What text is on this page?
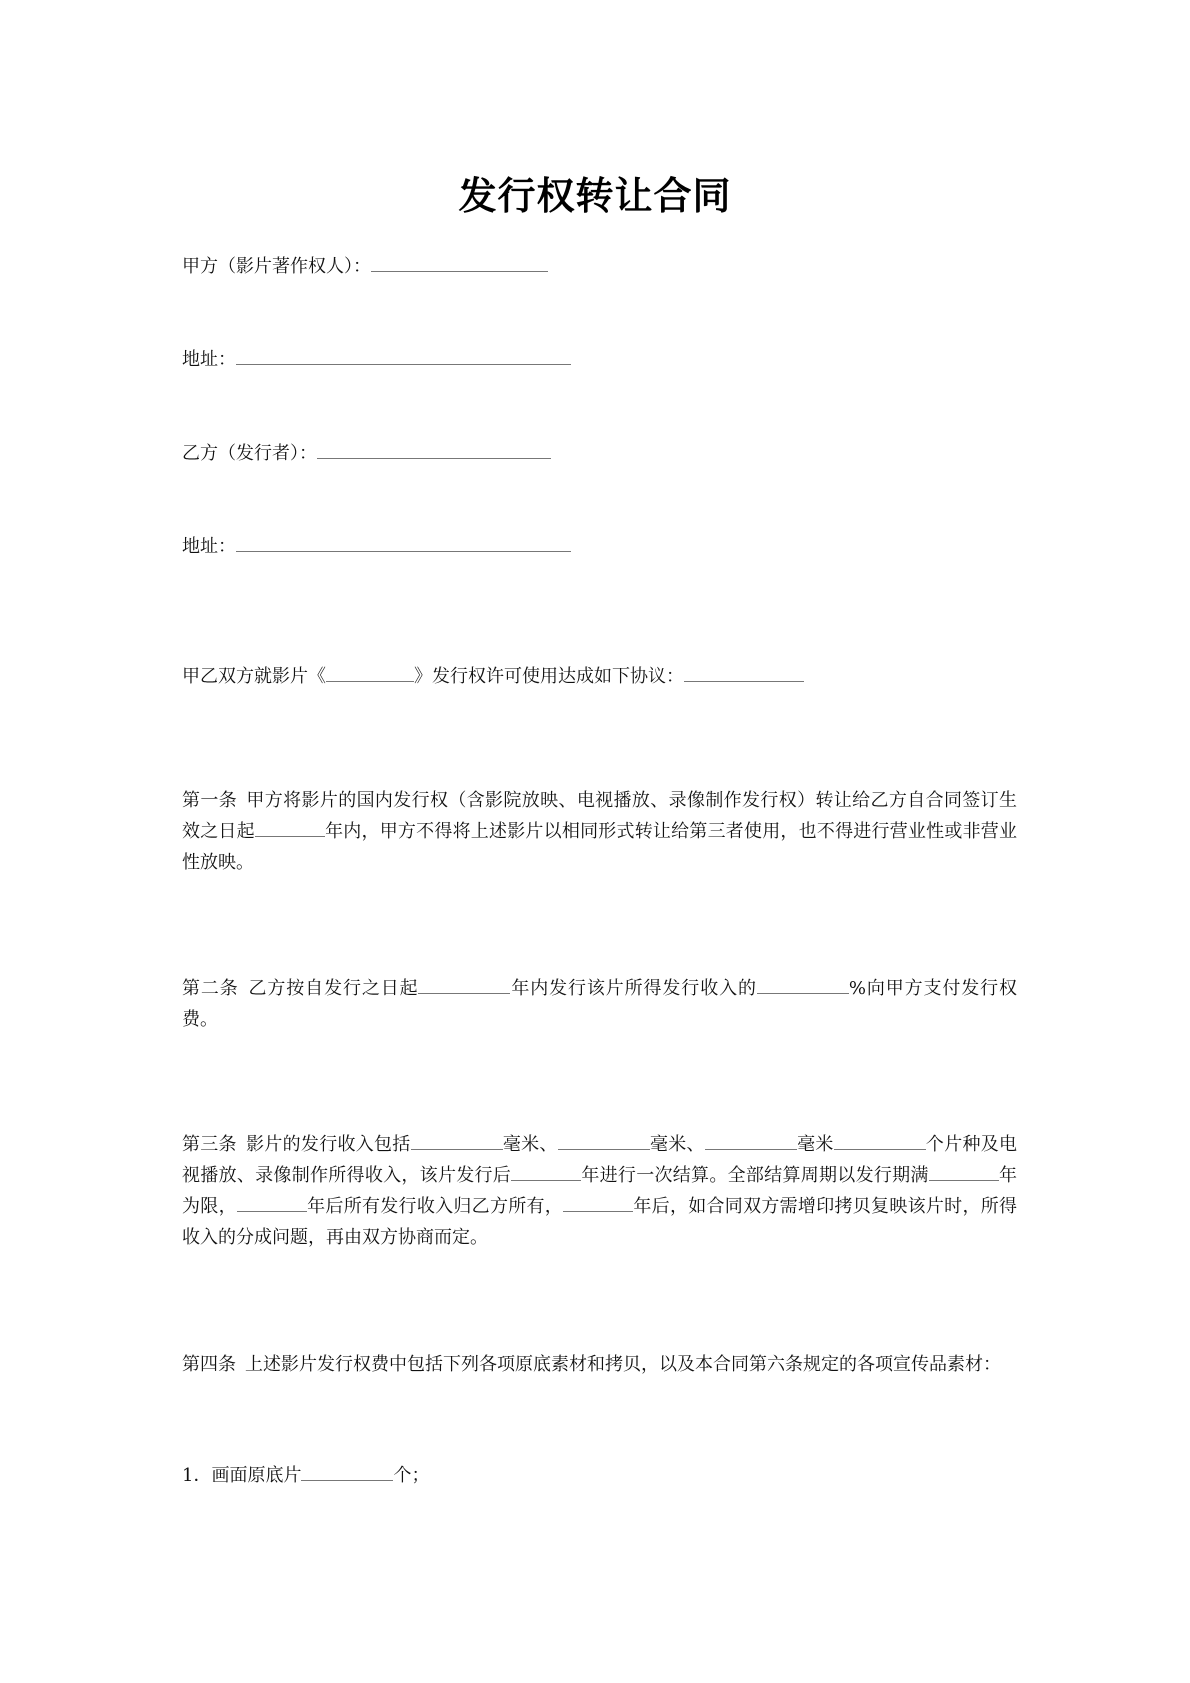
发行权转让合同
甲方（影片著作权人）：
地址：
乙方（发行者）：
地址：
甲乙双方就影片《	》发行权许可使用达成如下协议：
第一条 甲方将影片的国内发行权（含影院放映、电视播放、录像制作发行权）转让给乙方自合同签订生效之日起	年内，甲方不得将上述影片以相同形式转让给第三者使用，也不得进行营业性或非营业性放映。
第二条 乙方按自发行之日起	年内发行该片所得发行收入的	%向甲方支付发行权费。
第三条 影片的发行收入包括	毫米、	毫米、	毫米	个片种及电视播放、录像制作所得收入，该片发行后	年进行一次结算。全部结算周期以发行期满	年为限，	年后所有发行收入归乙方所有，	年后，如合同双方需增印拷贝复映该片时，所得收入的分成问题，再由双方协商而定。
第四条 上述影片发行权费中包括下列各项原底素材和拷贝，以及本合同第六条规定的各项宣传品素材：
1．画面原底片	个；
